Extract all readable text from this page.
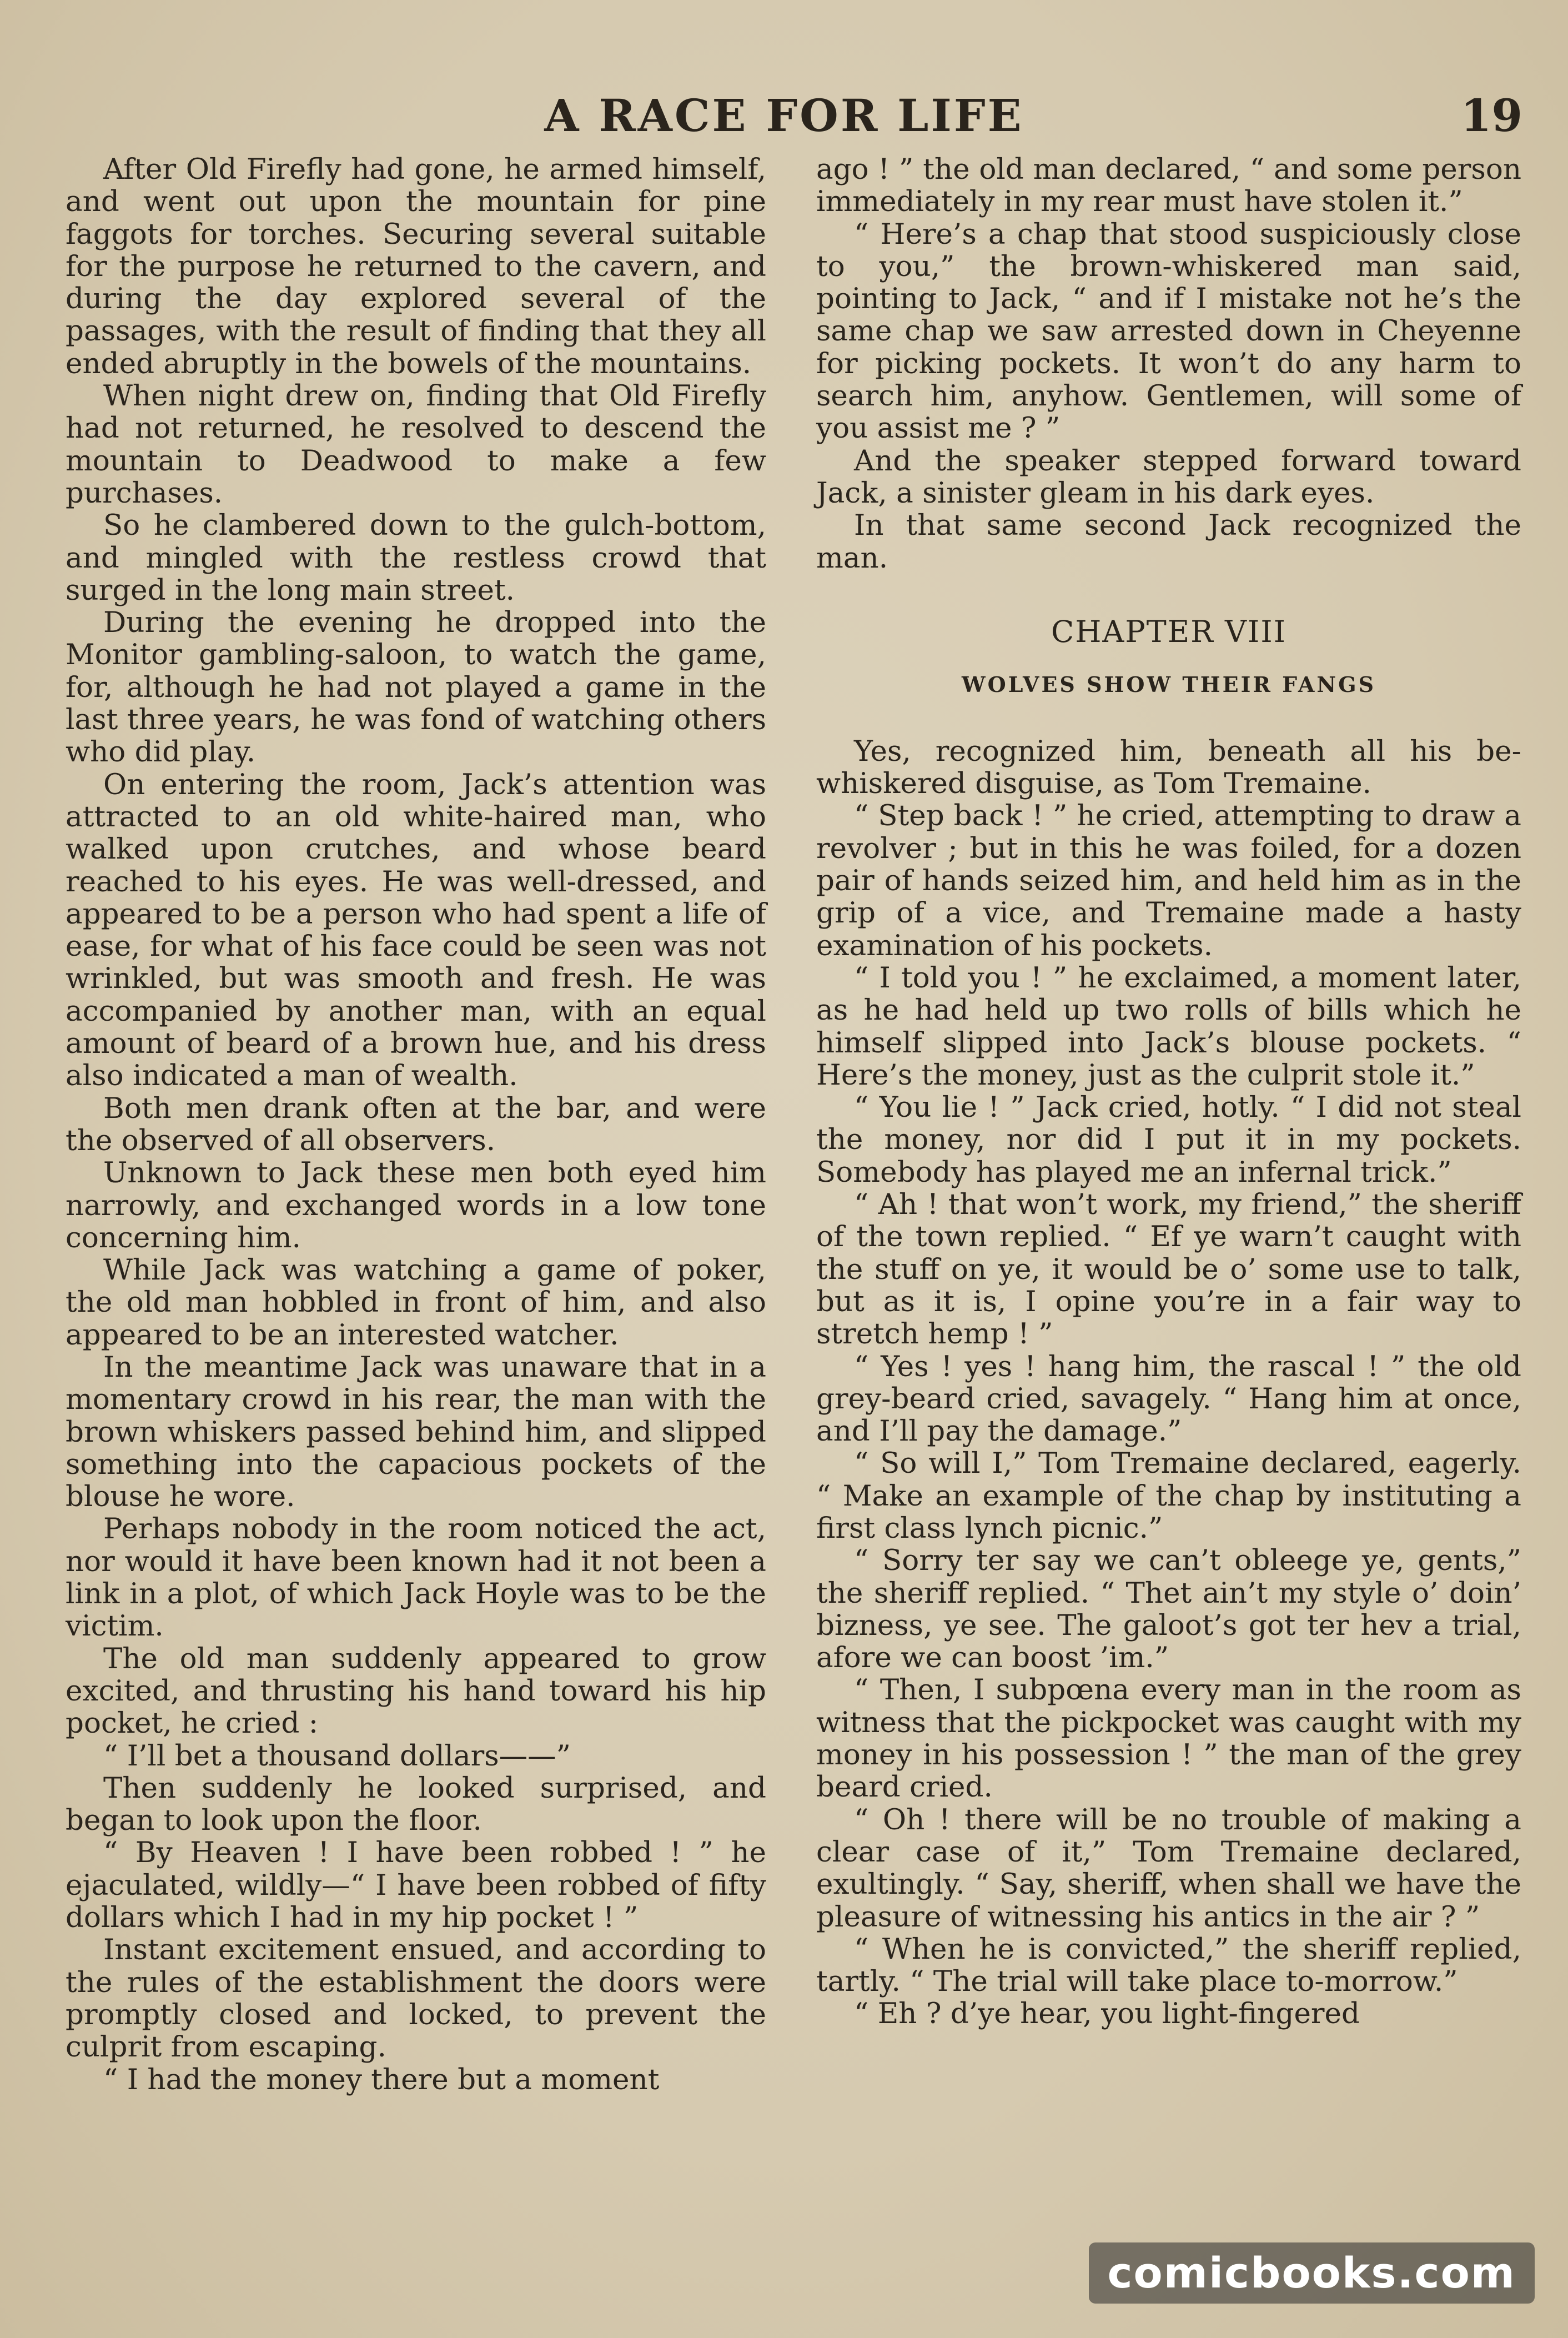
A RACE FOR LIFE	19

After Old Firefly had gone, he armed himself, and went out upon the mountain for pine faggots for torches. Securing several suitable for the purpose he returned to the cavern, and during the day explored several of the passages, with the result of finding that they all ended abruptly in the bowels of the mountains.

When night drew on, finding that Old Firefly had not returned, he resolved to descend the mountain to Deadwood to make a few purchases.

So he clambered down to the gulch-bottom, and mingled with the restless crowd that surged in the long main street.

During the evening he dropped into the Monitor gambling-saloon, to watch the game, for, although he had not played a game in the last three years, he was fond of watching others who did play.

On entering the room, Jack’s attention was attracted to an old white-haired man, who walked upon crutches, and whose beard reached to his eyes. He was well-dressed, and appeared to be a person who had spent a life of ease, for what of his face could be seen was not wrinkled, but was smooth and fresh. He was accompanied by another man, with an equal amount of beard of a brown hue, and his dress also indicated a man of wealth.

Both men drank often at the bar, and were the observed of all observers.

Unknown to Jack these men both eyed him narrowly, and exchanged words in a low tone concerning him.

While Jack was watching a game of poker, the old man hobbled in front of him, and also appeared to be an interested watcher.

In the meantime Jack was unaware that in a momentary crowd in his rear, the man with the brown whiskers passed behind him, and slipped something into the capacious pockets of the blouse he wore.

Perhaps nobody in the room noticed the act, nor would it have been known had it not been a link in a plot, of which Jack Hoyle was to be the victim.

The old man suddenly appeared to grow excited, and thrusting his hand toward his hip pocket, he cried :

“ I’ll bet a thousand dollars——”

Then suddenly he looked surprised, and began to look upon the floor.

“ By Heaven ! I have been robbed ! ” he ejaculated, wildly—“ I have been robbed of fifty dollars which I had in my hip pocket ! ”

Instant excitement ensued, and according to the rules of the establishment the doors were promptly closed and locked, to prevent the culprit from escaping.

“ I had the money there but a moment

ago ! ” the old man declared, “ and some person immediately in my rear must have stolen it.”

“ Here’s a chap that stood suspiciously close to you,” the brown-whiskered man said, pointing to Jack, “ and if I mistake not he’s the same chap we saw arrested down in Cheyenne for picking pockets. It won’t do any harm to search him, anyhow. Gentlemen, will some of you assist me ? ”

And the speaker stepped forward toward Jack, a sinister gleam in his dark eyes.

In that same second Jack recognized the man.

CHAPTER VIII
WOLVES SHOW THEIR FANGS

Yes, recognized him, beneath all his be-whiskered disguise, as Tom Tremaine.

“ Step back ! ” he cried, attempting to draw a revolver ; but in this he was foiled, for a dozen pair of hands seized him, and held him as in the grip of a vice, and Tremaine made a hasty examination of his pockets.

“ I told you ! ” he exclaimed, a moment later, as he had held up two rolls of bills which he himself slipped into Jack’s blouse pockets. “ Here’s the money, just as the culprit stole it.”

“ You lie ! ” Jack cried, hotly. “ I did not steal the money, nor did I put it in my pockets. Somebody has played me an infernal trick.”

“ Ah ! that won’t work, my friend,” the sheriff of the town replied. “ Ef ye warn’t caught with the stuff on ye, it would be o’ some use to talk, but as it is, I opine you’re in a fair way to stretch hemp ! ”

“ Yes ! yes ! hang him, the rascal ! ” the old grey-beard cried, savagely. “ Hang him at once, and I’ll pay the damage.”

“ So will I,” Tom Tremaine declared, eagerly. “ Make an example of the chap by instituting a first class lynch picnic.”

“ Sorry ter say we can’t obleege ye, gents,” the sheriff replied. “ Thet ain’t my style o’ doin’ bizness, ye see. The galoot’s got ter hev a trial, afore we can boost ’im.”

“ Then, I subpœna every man in the room as witness that the pickpocket was caught with my money in his possession ! ” the man of the grey beard cried.

“ Oh ! there will be no trouble of making a clear case of it,” Tom Tremaine declared, exultingly. “ Say, sheriff, when shall we have the pleasure of witnessing his antics in the air ? ”

“ When he is convicted,” the sheriff replied, tartly. “ The trial will take place to-morrow.”

“ Eh ? d’ye hear, you light-fingered

comicbooks.com
